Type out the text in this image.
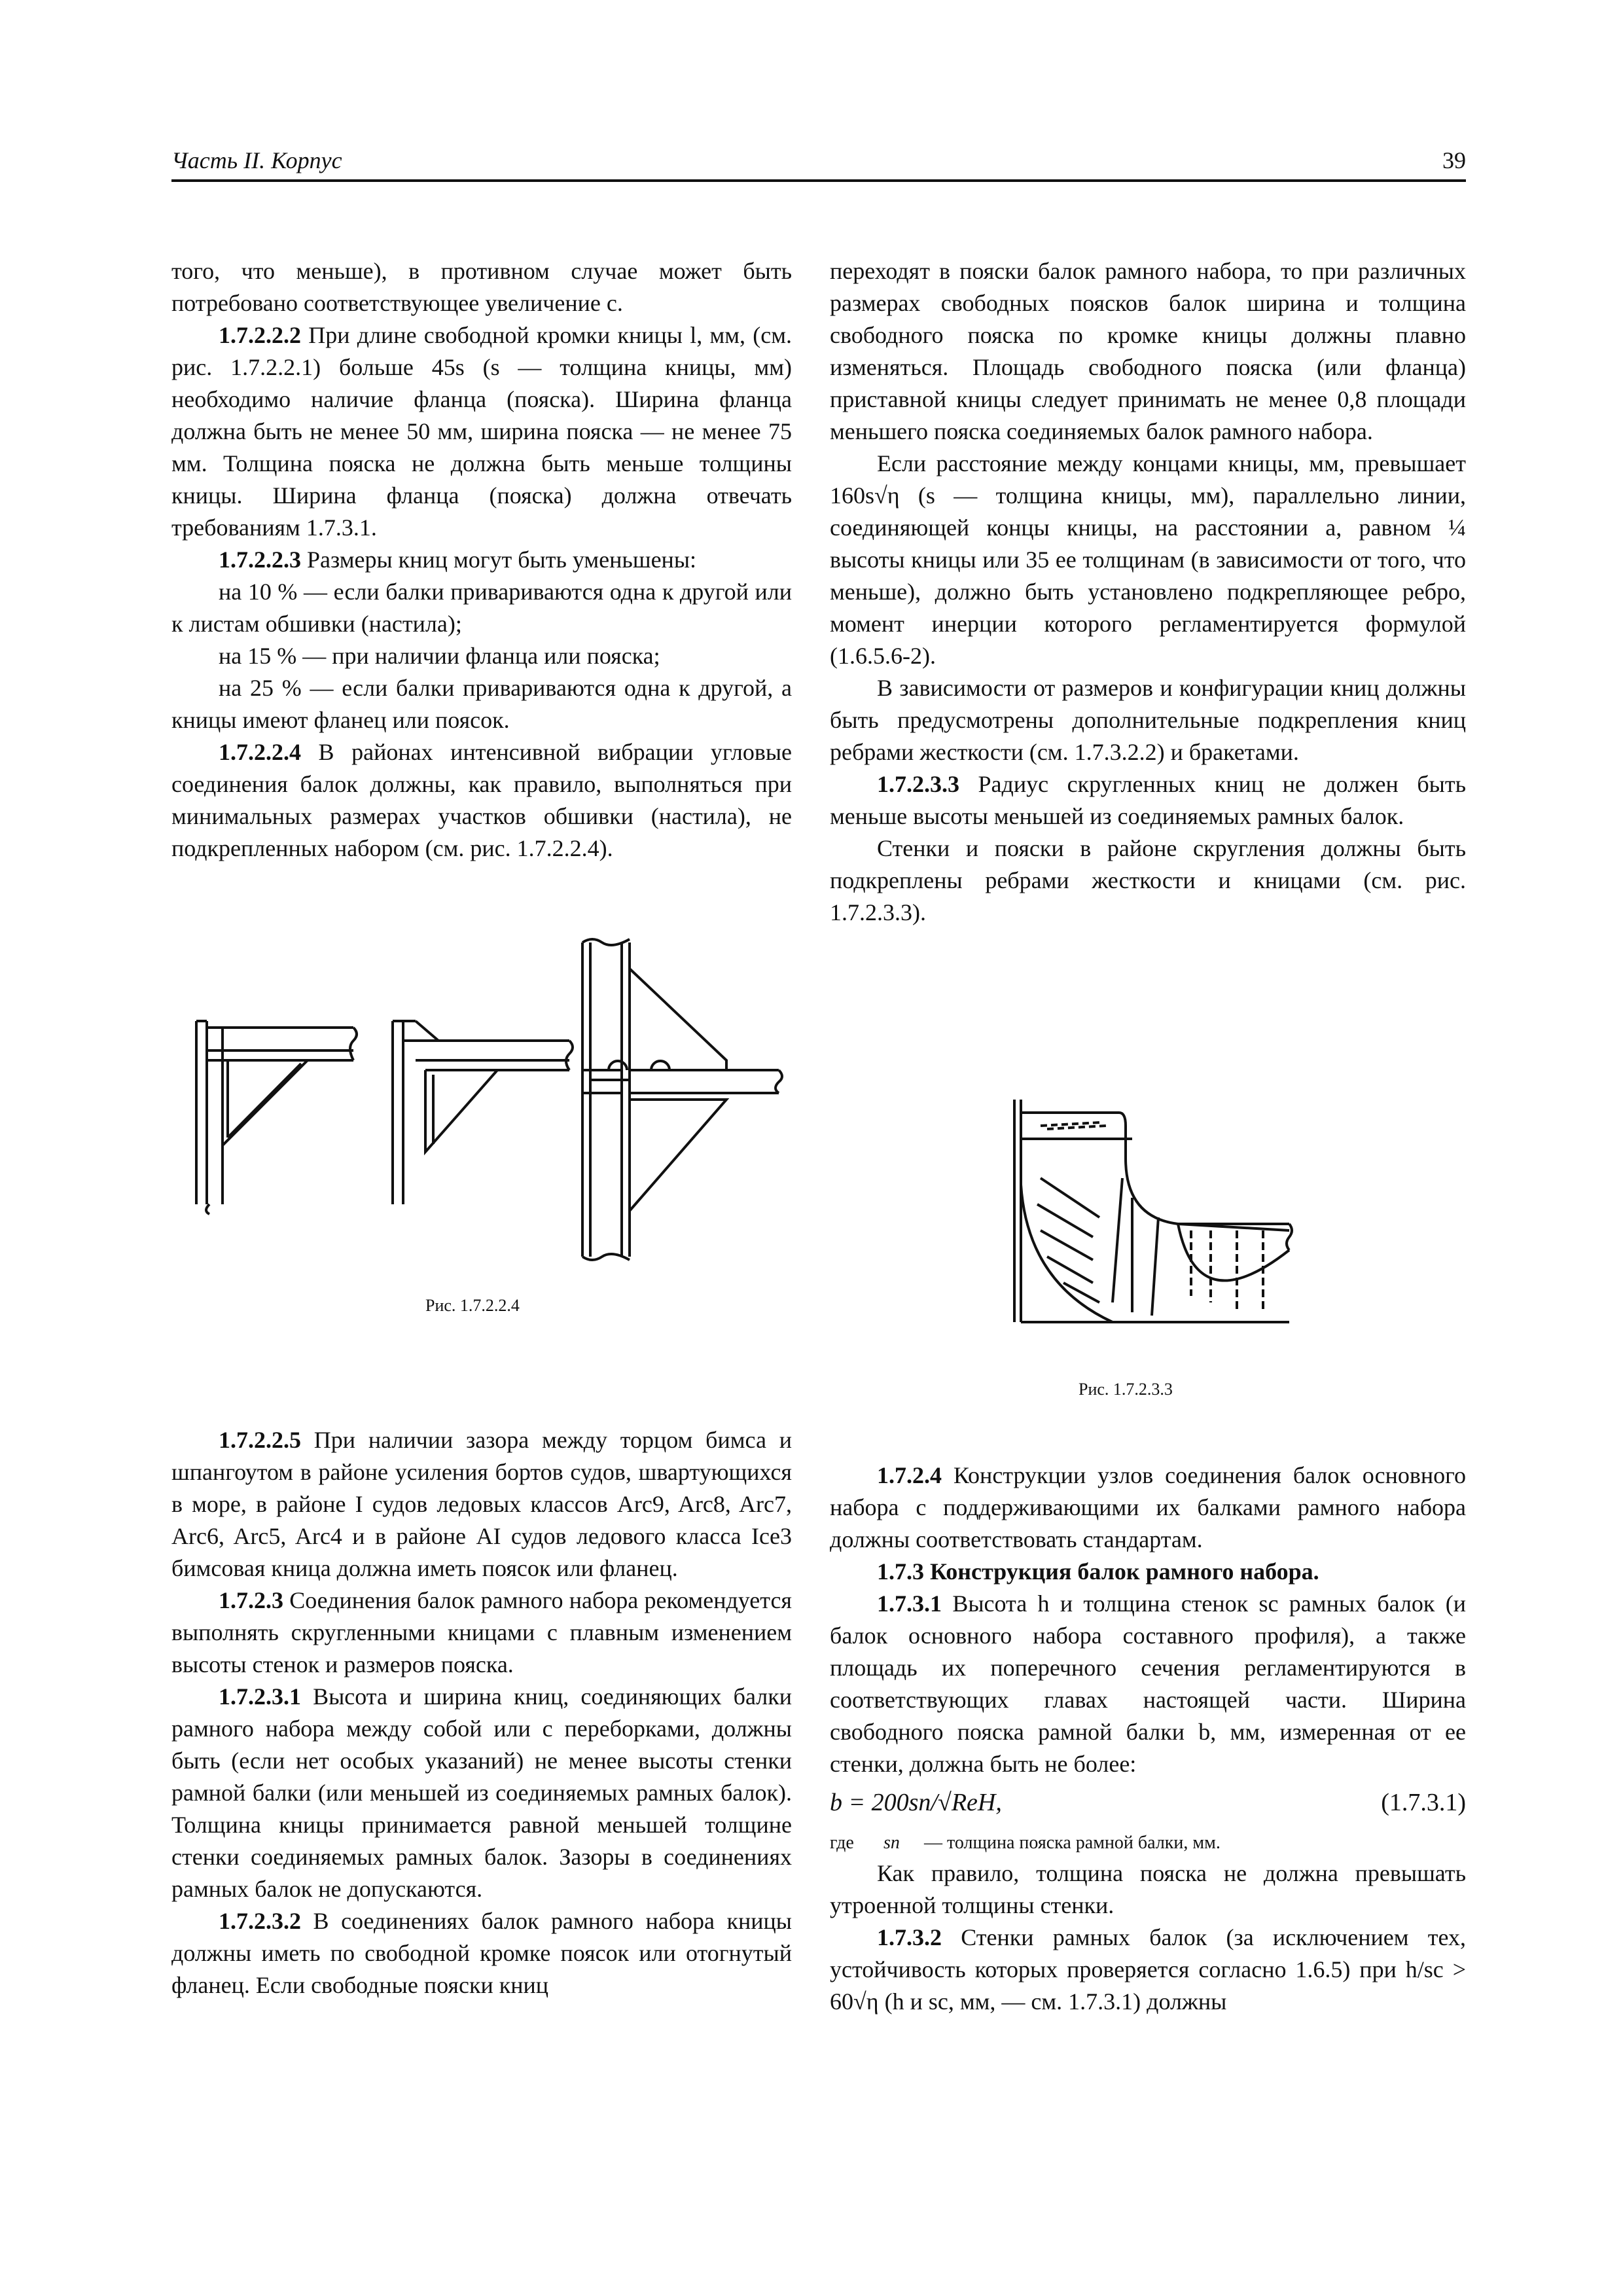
Часть II. Корпус	39

того, что меньше), в противном случае может быть потребовано соответствующее увеличение c.

1.7.2.2.2 При длине свободной кромки кницы l, мм, (см. рис. 1.7.2.2.1) больше 45s (s — толщина кницы, мм) необходимо наличие фланца (пояска). Ширина фланца должна быть не менее 50 мм, ширина пояска — не менее 75 мм. Толщина пояска не должна быть меньше толщины кницы. Ширина фланца (пояска) должна отвечать требованиям 1.7.3.1.

1.7.2.2.3 Размеры книц могут быть уменьшены:

на 10 % — если балки привариваются одна к другой или к листам обшивки (настила);

на 15 % — при наличии фланца или пояска;

на 25 % — если балки привариваются одна к другой, а кницы имеют фланец или поясок.

1.7.2.2.4 В районах интенсивной вибрации угловые соединения балок должны, как правило, выполняться при минимальных размерах участков обшивки (настила), не подкрепленных набором (см. рис. 1.7.2.2.4).

переходят в пояски балок рамного набора, то при различных размерах свободных поясков балок ширина и толщина свободного пояска по кромке кницы должны плавно изменяться. Площадь свободного пояска (или фланца) приставной кницы следует принимать не менее 0,8 площади меньшего пояска соединяемых балок рамного набора.

Если расстояние между концами кницы, мм, превышает 160s√η (s — толщина кницы, мм), параллельно линии, соединяющей концы кницы, на расстоянии a, равном ¼ высоты кницы или 35 ее толщинам (в зависимости от того, что меньше), должно быть установлено подкрепляющее ребро, момент инерции которого регламентируется формулой (1.6.5.6-2).

В зависимости от размеров и конфигурации книц должны быть предусмотрены дополнительные подкрепления книц ребрами жесткости (см. 1.7.3.2.2) и бракетами.

1.7.2.3.3 Радиус скругленных книц не должен быть меньше высоты меньшей из соединяемых рамных балок.

Стенки и пояски в районе скругления должны быть подкреплены ребрами жесткости и кницами (см. рис. 1.7.2.3.3).

Рис. 1.7.2.2.4
Рис. 1.7.2.3.3

1.7.2.2.5 При наличии зазора между торцом бимса и шпангоутом в районе усиления бортов судов, швартующихся в море, в районе I судов ледовых классов Arc9, Arc8, Arc7, Arc6, Arc5, Arc4 и в районе AI судов ледового класса Ice3 бимсовая кница должна иметь поясок или фланец.

1.7.2.3 Соединения балок рамного набора рекомендуется выполнять скругленными кницами с плавным изменением высоты стенок и размеров пояска.

1.7.2.3.1 Высота и ширина книц, соединяющих балки рамного набора между собой или с переборками, должны быть (если нет особых указаний) не менее высоты стенки рамной балки (или меньшей из соединяемых рамных балок). Толщина кницы принимается равной меньшей толщине стенки соединяемых рамных балок. Зазоры в соединениях рамных балок не допускаются.

1.7.2.3.2 В соединениях балок рамного набора кницы должны иметь по свободной кромке поясок или отогнутый фланец. Если свободные пояски книц

1.7.2.4 Конструкции узлов соединения балок основного набора с поддерживающими их балками рамного набора должны соответствовать стандартам.

1.7.3 Конструкция балок рамного набора.

1.7.3.1 Высота h и толщина стенок sc рамных балок (и балок основного набора составного профиля), а также площадь их поперечного сечения регламентируются в соответствующих главах настоящей части. Ширина свободного пояска рамной балки b, мм, измеренная от ее стенки, должна быть не более:

b = 200sп/√ReH,	(1.7.3.1)
где sп — толщина пояска рамной балки, мм.

Как правило, толщина пояска не должна превышать утроенной толщины стенки.

1.7.3.2 Стенки рамных балок (за исключением тех, устойчивость которых проверяется согласно 1.6.5) при h/sc > 60√η (h и sc, мм, — см. 1.7.3.1) должны
